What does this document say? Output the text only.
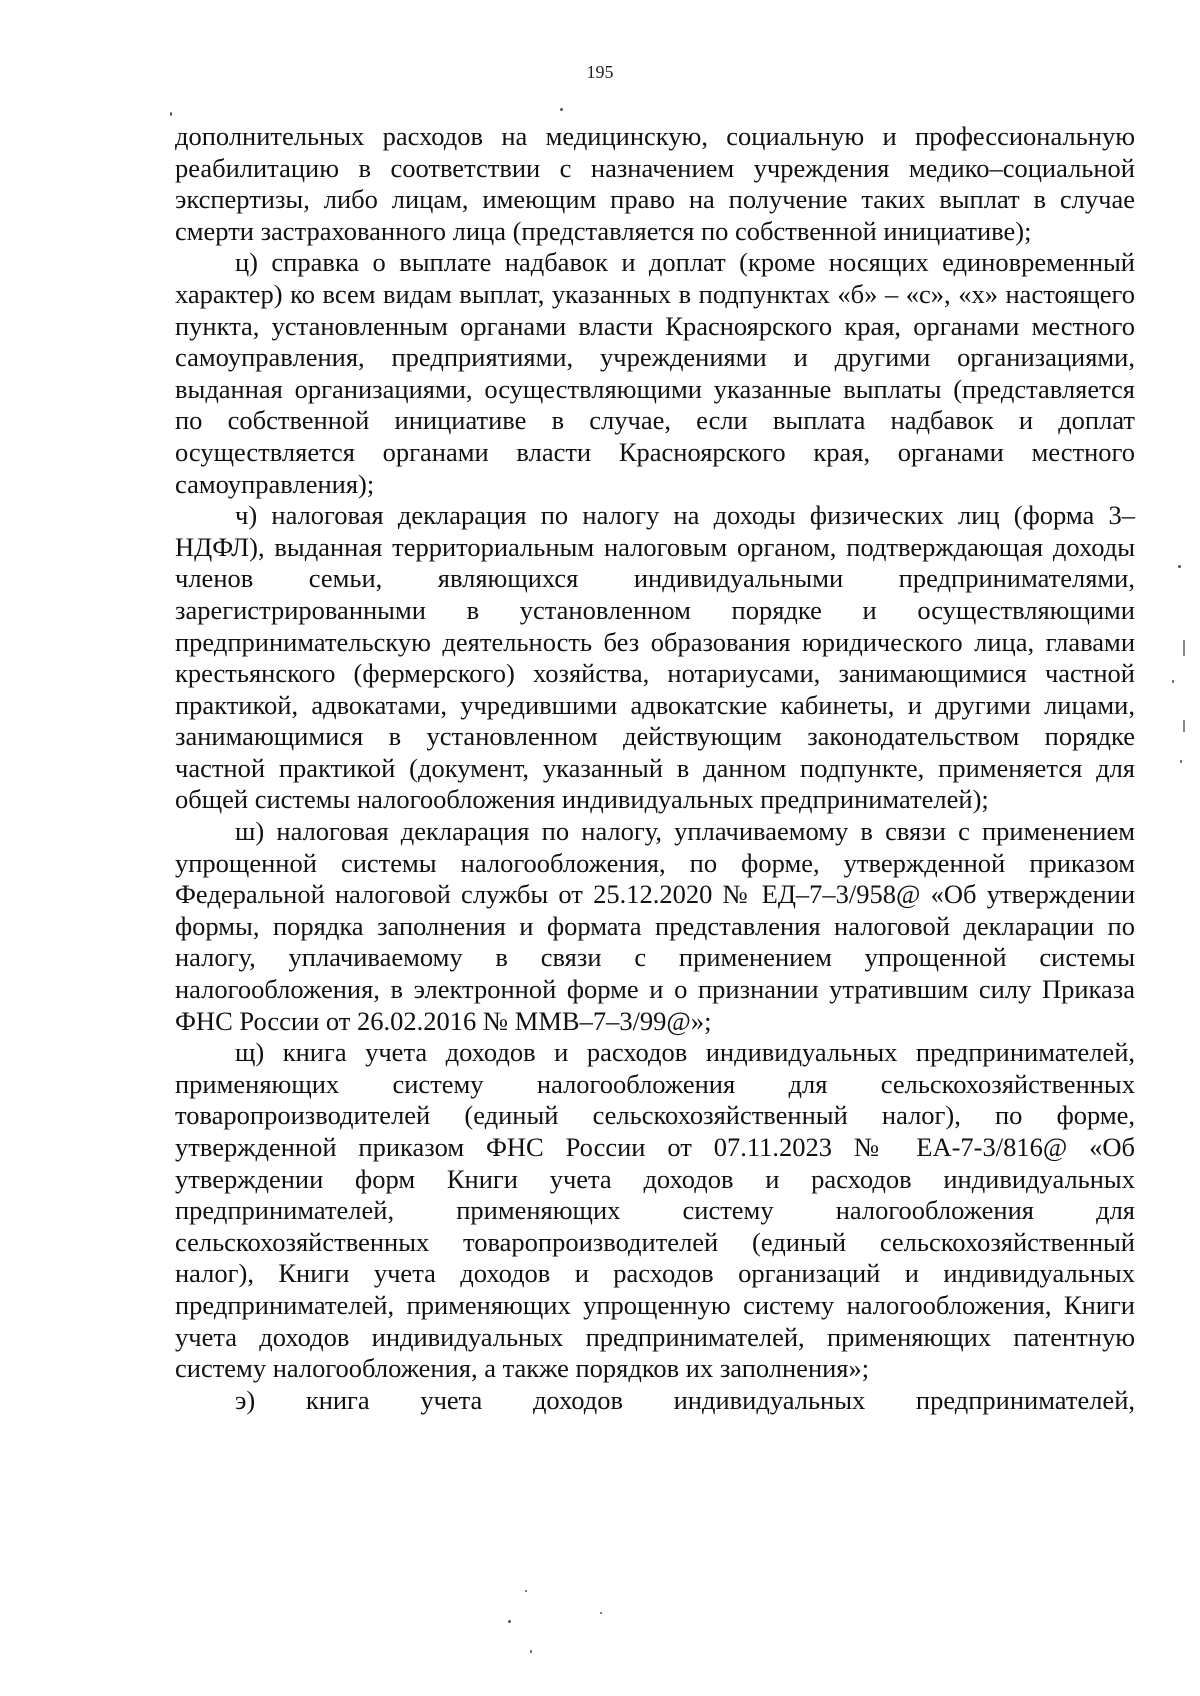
195

дополнительных расходов на медицинскую, социальную и профессиональную реабилитацию в соответствии с назначением учреждения медико–социальной экспертизы, либо лицам, имеющим право на получение таких выплат в случае смерти застрахованного лица (представляется по собственной инициативе);

ц) справка о выплате надбавок и доплат (кроме носящих единовременный характер) ко всем видам выплат, указанных в подпунктах «б» – «с», «х» настоящего пункта, установленным органами власти Красноярского края, органами местного самоуправления, предприятиями, учреждениями и другими организациями, выданная организациями, осуществляющими указанные выплаты (представляется по собственной инициативе в случае, если выплата надбавок и доплат осуществляется органами власти Красноярского края, органами местного самоуправления);

ч) налоговая декларация по налогу на доходы физических лиц (форма 3–НДФЛ), выданная территориальным налоговым органом, подтверждающая доходы членов семьи, являющихся индивидуальными предпринимателями, зарегистрированными в установленном порядке и осуществляющими предпринимательскую деятельность без образования юридического лица, главами крестьянского (фермерского) хозяйства, нотариусами, занимающимися частной практикой, адвокатами, учредившими адвокатские кабинеты, и другими лицами, занимающимися в установленном действующим законодательством порядке частной практикой (документ, указанный в данном подпункте, применяется для общей системы налогообложения индивидуальных предпринимателей);

ш) налоговая декларация по налогу, уплачиваемому в связи с применением упрощенной системы налогообложения, по форме, утвержденной приказом Федеральной налоговой службы от 25.12.2020 № ЕД–7–3/958@ «Об утверждении формы, порядка заполнения и формата представления налоговой декларации по налогу, уплачиваемому в связи с применением упрощенной системы налогообложения, в электронной форме и о признании утратившим силу Приказа ФНС России от 26.02.2016 № ММВ–7–3/99@»;

щ) книга учета доходов и расходов индивидуальных предпринимателей, применяющих систему налогообложения для сельскохозяйственных товаропроизводителей (единый сельскохозяйственный налог), по форме, утвержденной приказом ФНС России от 07.11.2023 № ЕА-7-3/816@ «Об утверждении форм Книги учета доходов и расходов индивидуальных предпринимателей, применяющих систему налогообложения для сельскохозяйственных товаропроизводителей (единый сельскохозяйственный налог), Книги учета доходов и расходов организаций и индивидуальных предпринимателей, применяющих упрощенную систему налогообложения, Книги учета доходов индивидуальных предпринимателей, применяющих патентную систему налогообложения, а также порядков их заполнения»;

э) книга учета доходов индивидуальных предпринимателей,
